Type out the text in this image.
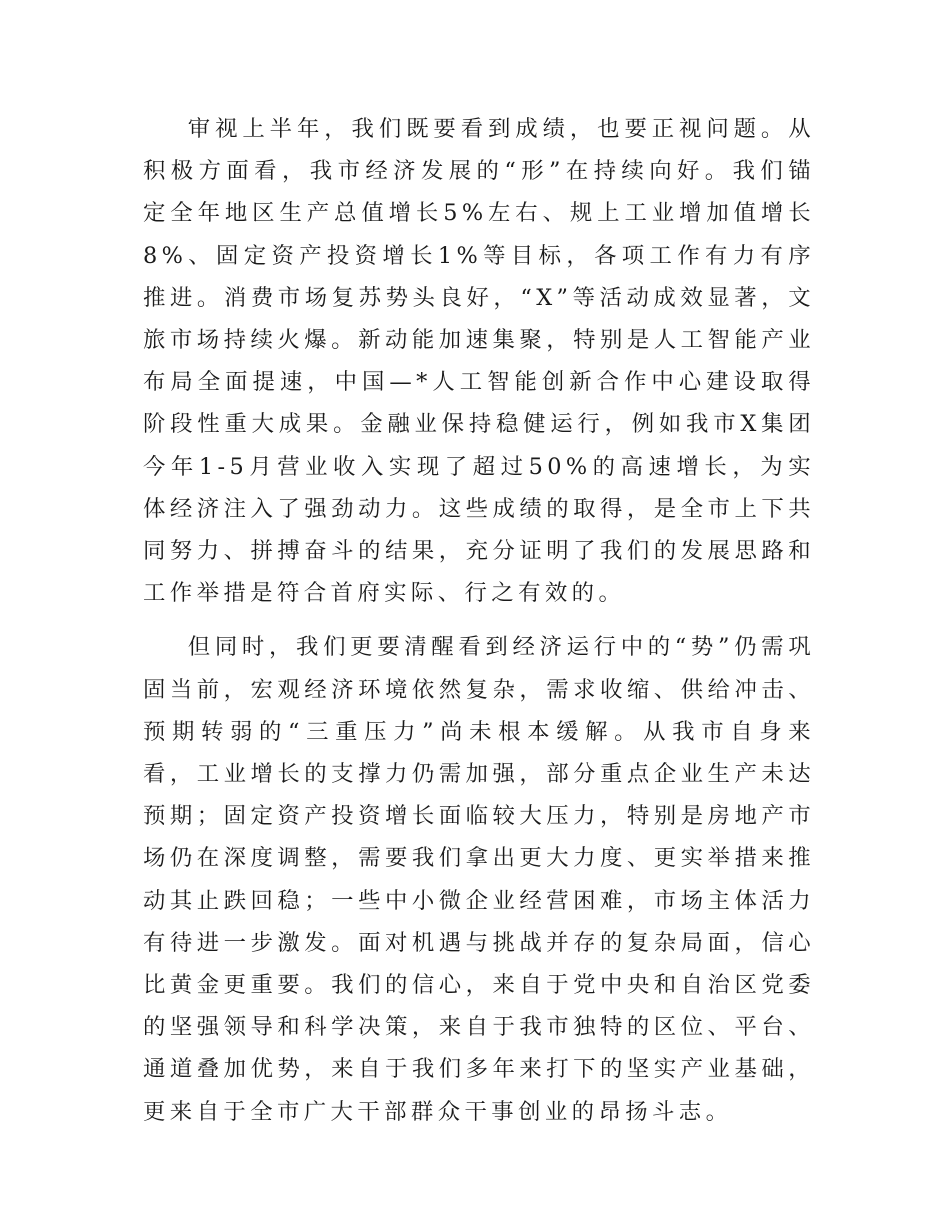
审视上半年，我们既要看到成绩，也要正视问题。从积极方面看，我市经济发展的“形”在持续向好。我们锚定全年地区生产总值增长5%左右、规上工业增加值增长8%、固定资产投资增长1%等目标，各项工作有力有序推进。消费市场复苏势头良好，“X”等活动成效显著，文旅市场持续火爆。新动能加速集聚，特别是人工智能产业布局全面提速，中国—*人工智能创新合作中心建设取得阶段性重大成果。金融业保持稳健运行，例如我市X集团今年1-5月营业收入实现了超过50%的高速增长，为实体经济注入了强劲动力。这些成绩的取得，是全市上下共同努力、拼搏奋斗的结果，充分证明了我们的发展思路和工作举措是符合首府实际、行之有效的。

但同时，我们更要清醒看到经济运行中的“势”仍需巩固当前，宏观经济环境依然复杂，需求收缩、供给冲击、预期转弱的“三重压力”尚未根本缓解。从我市自身来看，工业增长的支撑力仍需加强，部分重点企业生产未达预期；固定资产投资增长面临较大压力，特别是房地产市场仍在深度调整，需要我们拿出更大力度、更实举措来推动其止跌回稳；一些中小微企业经营困难，市场主体活力有待进一步激发。面对机遇与挑战并存的复杂局面，信心比黄金更重要。我们的信心，来自于党中央和自治区党委的坚强领导和科学决策，来自于我市独特的区位、平台、通道叠加优势，来自于我们多年来打下的坚实产业基础，更来自于全市广大干部群众干事创业的昂扬斗志。
